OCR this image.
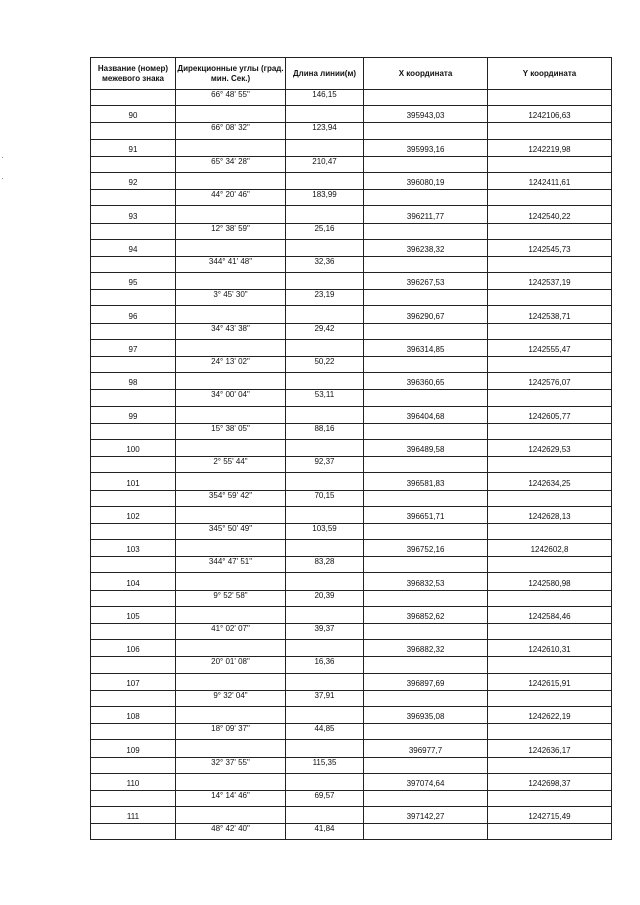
Название (номер) межевого знака	Дирекционные углы (град. мин. Сек.)	Длина линии(м)	X координата	Y координата
	66° 48' 55"	146,15		
90			395943,03	1242106,63
	66° 08' 32"	123,94		
91			395993,16	1242219,98
	65° 34' 28"	210,47		
92			396080,19	1242411,61
	44° 20' 46"	183,99		
93			396211,77	1242540,22
	12° 38' 59"	25,16		
94			396238,32	1242545,73
	344° 41' 48"	32,36		
95			396267,53	1242537,19
	3° 45' 30"	23,19		
96			396290,67	1242538,71
	34° 43' 38"	29,42		
97			396314,85	1242555,47
	24° 13' 02"	50,22		
98			396360,65	1242576,07
	34° 00' 04"	53,11		
99			396404,68	1242605,77
	15° 38' 05"	88,16		
100			396489,58	1242629,53
	2° 55' 44"	92,37		
101			396581,83	1242634,25
	354° 59' 42"	70,15		
102			396651,71	1242628,13
	345° 50' 49"	103,59		
103			396752,16	1242602,8
	344° 47' 51"	83,28		
104			396832,53	1242580,98
	9° 52' 58"	20,39		
105			396852,62	1242584,46
	41° 02' 07"	39,37		
106			396882,32	1242610,31
	20° 01' 08"	16,36		
107			396897,69	1242615,91
	9° 32' 04"	37,91		
108			396935,08	1242622,19
	18° 09' 37"	44,85		
109			396977,7	1242636,17
	32° 37' 55"	115,35		
110			397074,64	1242698,37
	14° 14' 46"	69,57		
111			397142,27	1242715,49
	48° 42' 40"	41,84		
